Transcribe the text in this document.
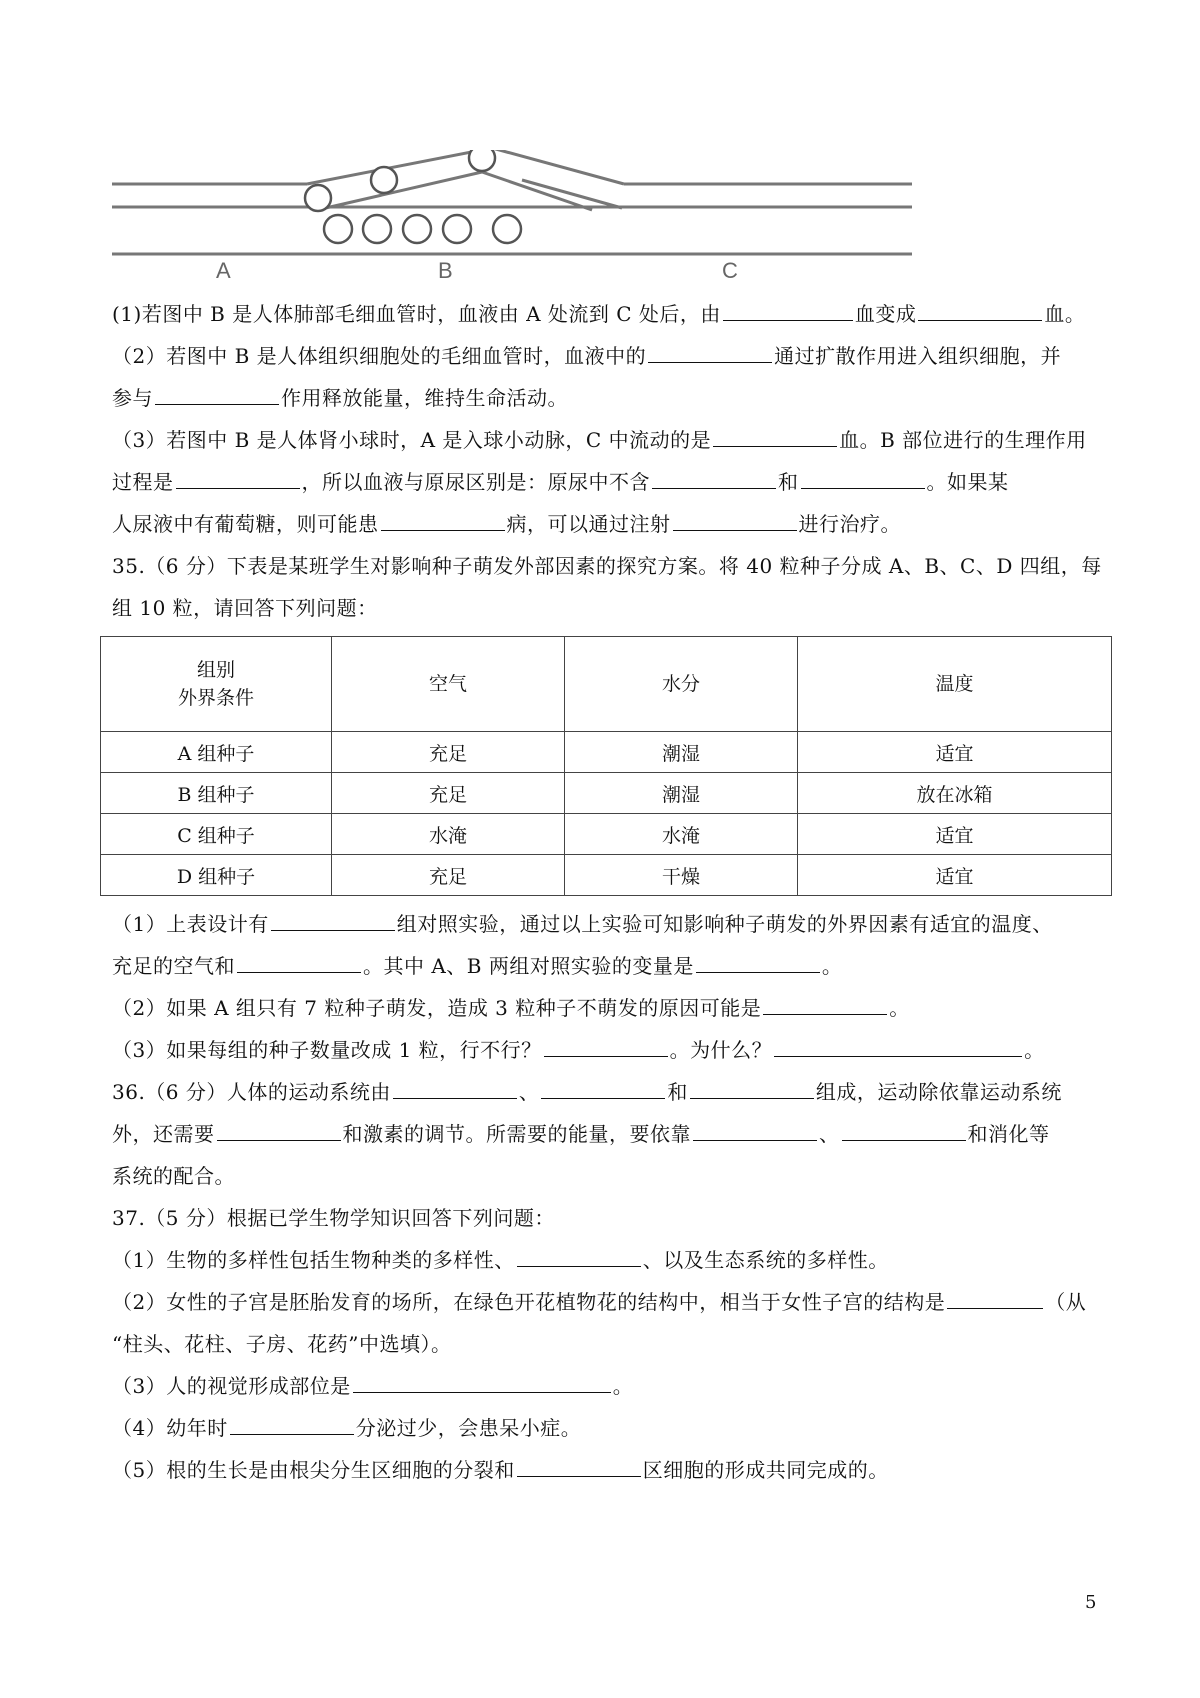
A	B	C
(1)若图中 B 是人体肺部毛细血管时，血液由 A 处流到 C 处后，由	血变成	血。
（2）若图中 B 是人体组织细胞处的毛细血管时，血液中的	通过扩散作用进入组织细胞，并
参与	作用释放能量，维持生命活动。
（3）若图中 B 是人体肾小球时，A 是入球小动脉，C 中流动的是	血。B 部位进行的生理作用
过程是	，所以血液与原尿区别是：原尿中不含	和	。如果某
人尿液中有葡萄糖，则可能患	病，可以通过注射	进行治疗。
35.（6 分）下表是某班学生对影响种子萌发外部因素的探究方案。将 40 粒种子分成 A、B、C、D 四组，每
组 10 粒，请回答下列问题：
组别
外界条件	空气	水分	温度
A 组种子	充足	潮湿	适宜
B 组种子	充足	潮湿	放在冰箱
C 组种子	水淹	水淹	适宜
D 组种子	充足	干燥	适宜
（1）上表设计有	组对照实验，通过以上实验可知影响种子萌发的外界因素有适宜的温度、
充足的空气和	。其中 A、B 两组对照实验的变量是	。
（2）如果 A 组只有 7 粒种子萌发，造成 3 粒种子不萌发的原因可能是	。
（3）如果每组的种子数量改成 1 粒，行不行？	。为什么？	。
36.（6 分）人体的运动系统由	、	和	组成，运动除依靠运动系统
外，还需要	和激素的调节。所需要的能量，要依靠	、	和消化等
系统的配合。
37.（5 分）根据已学生物学知识回答下列问题：
（1）生物的多样性包括生物种类的多样性、	、以及生态系统的多样性。
（2）女性的子宫是胚胎发育的场所，在绿色开花植物花的结构中，相当于女性子宫的结构是	（从
“柱头、花柱、子房、花药”中选填）。
（3）人的视觉形成部位是	。
（4）幼年时	分泌过少，会患呆小症。
（5）根的生长是由根尖分生区细胞的分裂和	区细胞的形成共同完成的。
5
